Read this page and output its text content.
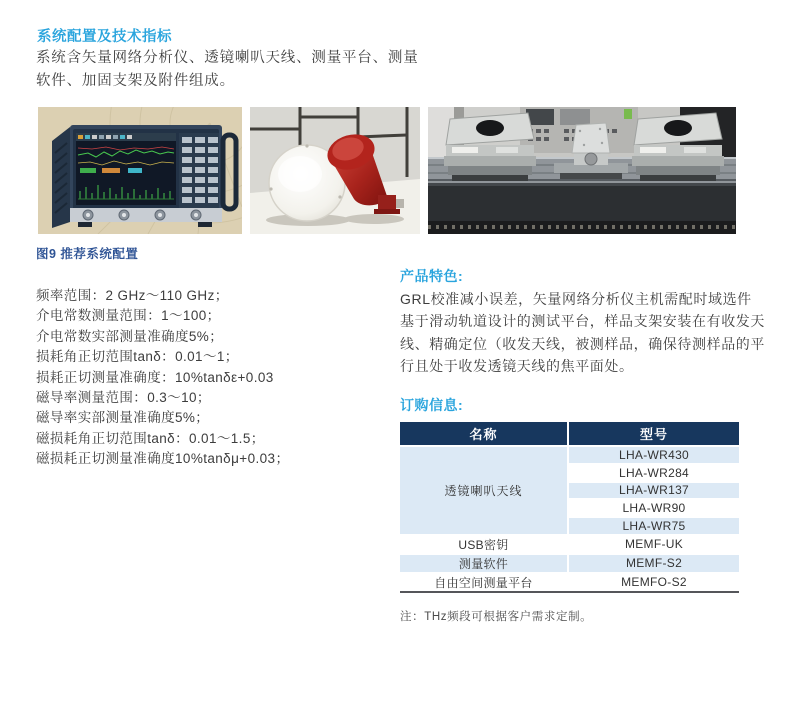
系统配置及技术指标
系统含矢量网络分析仪、透镜喇叭天线、测量平台、测量
软件、加固支架及附件组成。
图9 推荐系统配置
频率范围：2 GHz～110 GHz；
介电常数测量范围：1～100；
介电常数实部测量准确度5%；
损耗角正切范围tanδ：0.01～1；
损耗正切测量准确度：10%tanδε+0.03
磁导率测量范围：0.3～10；
磁导率实部测量准确度5%；
磁损耗角正切范围tanδ：0.01～1.5；
磁损耗正切测量准确度10%tanδμ+0.03；
产品特色:
GRL校准减小误差，矢量网络分析仪主机需配时域选件
基于滑动轨道设计的测试平台，样品支架安装在有收发天
线、精确定位（收发天线，被测样品，确保待测样品的平
行且处于收发透镜天线的焦平面处。
订购信息:
名称	型号
透镜喇叭天线	LHA-WR430
	LHA-WR284
	LHA-WR137
	LHA-WR90
	LHA-WR75
USB密钥	MEMF-UK
测量软件	MEMF-S2
自由空间测量平台	MEMFO-S2
注：THz频段可根据客户需求定制。
